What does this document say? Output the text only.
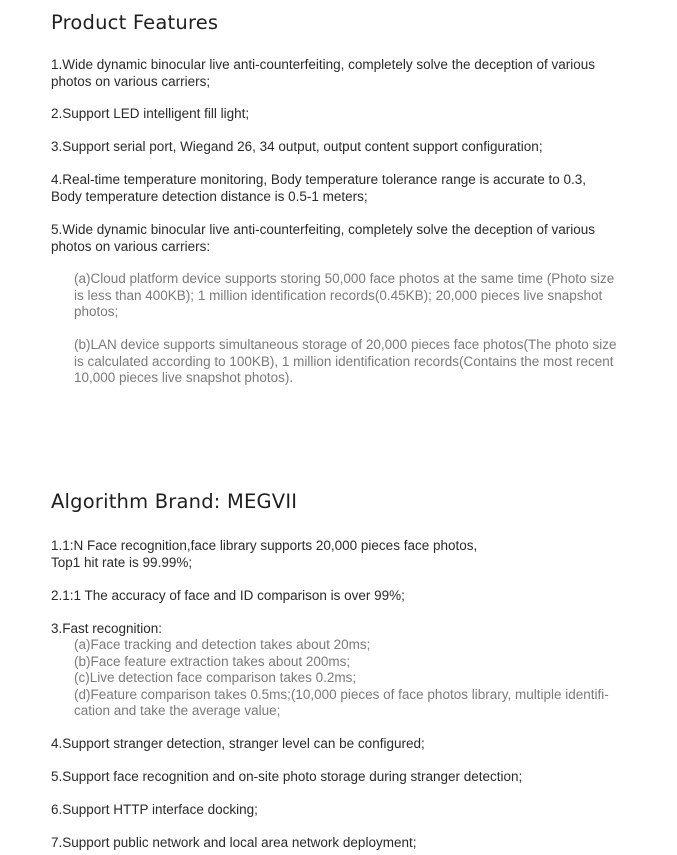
Product Features
1.Wide dynamic binocular live anti-counterfeiting, completely solve the deception of various
photos on various carriers;
2.Support LED intelligent fill light;
3.Support serial port, Wiegand 26, 34 output, output content support configuration;
4.Real-time temperature monitoring, Body temperature tolerance range is accurate to 0.3,
Body temperature detection distance is 0.5-1 meters;
5.Wide dynamic binocular live anti-counterfeiting, completely solve the deception of various
photos on various carriers:
(a)Cloud platform device supports storing 50,000 face photos at the same time (Photo size
is less than 400KB); 1 million identification records(0.45KB); 20,000 pieces live snapshot
photos;
(b)LAN device supports simultaneous storage of 20,000 pieces face photos(The photo size
is calculated according to 100KB), 1 million identification records(Contains the most recent
10,000 pieces live snapshot photos).
Algorithm Brand: MEGVII
1.1:N Face recognition,face library supports 20,000 pieces face photos,
Top1 hit rate is 99.99%;
2.1:1 The accuracy of face and ID comparison is over 99%;
3.Fast recognition:
(a)Face tracking and detection takes about 20ms;
(b)Face feature extraction takes about 200ms;
(c)Live detection face comparison takes 0.2ms;
(d)Feature comparison takes 0.5ms;(10,000 pieces of face photos library, multiple identifi-
cation and take the average value;
4.Support stranger detection, stranger level can be configured;
5.Support face recognition and on-site photo storage during stranger detection;
6.Support HTTP interface docking;
7.Support public network and local area network deployment;
